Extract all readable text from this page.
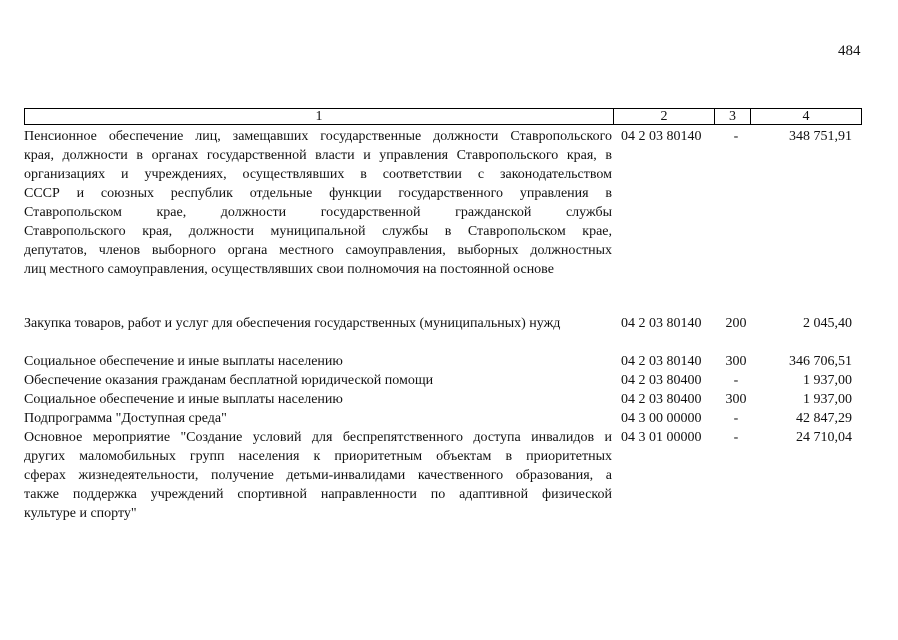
484
1	2	3	4
Пенсионное обеспечение лиц, замещавших государственные должности Ставропольского
края, должности в органах государственной власти и управления Ставропольского края, в
организациях и учреждениях, осуществлявших в соответствии с законодательством
СССР и союзных республик отдельные функции государственного управления в
Ставропольском крае, должности государственной гражданской службы
Ставропольского края, должности муниципальной службы в Ставропольском крае,
депутатов, членов выборного органа местного самоуправления, выборных должностных
лиц местного самоуправления, осуществлявших свои полномочия на постоянной основе
04 2 03 80140	-	348 751,91
Закупка товаров, работ и услуг для обеспечения государственных (муниципальных) нужд	04 2 03 80140 200	2 045,40
Социальное обеспечение и иные выплаты населению	04 2 03 80140 300	346 706,51
Обеспечение оказания гражданам бесплатной юридической помощи	04 2 03 80400	-	1 937,00
Социальное обеспечение и иные выплаты населению	04 2 03 80400 300	1 937,00
Подпрограмма "Доступная среда"	04 3 00 00000	-	42 847,29
Основное мероприятие "Создание условий для беспрепятственного доступа инвалидов и
других маломобильных групп населения к приоритетным объектам в приоритетных
сферах жизнедеятельности, получение детьми-инвалидами качественного образования, а
также поддержка учреждений спортивной направленности по адаптивной физической
культуре и спорту"
04 3 01 00000	-	24 710,04
